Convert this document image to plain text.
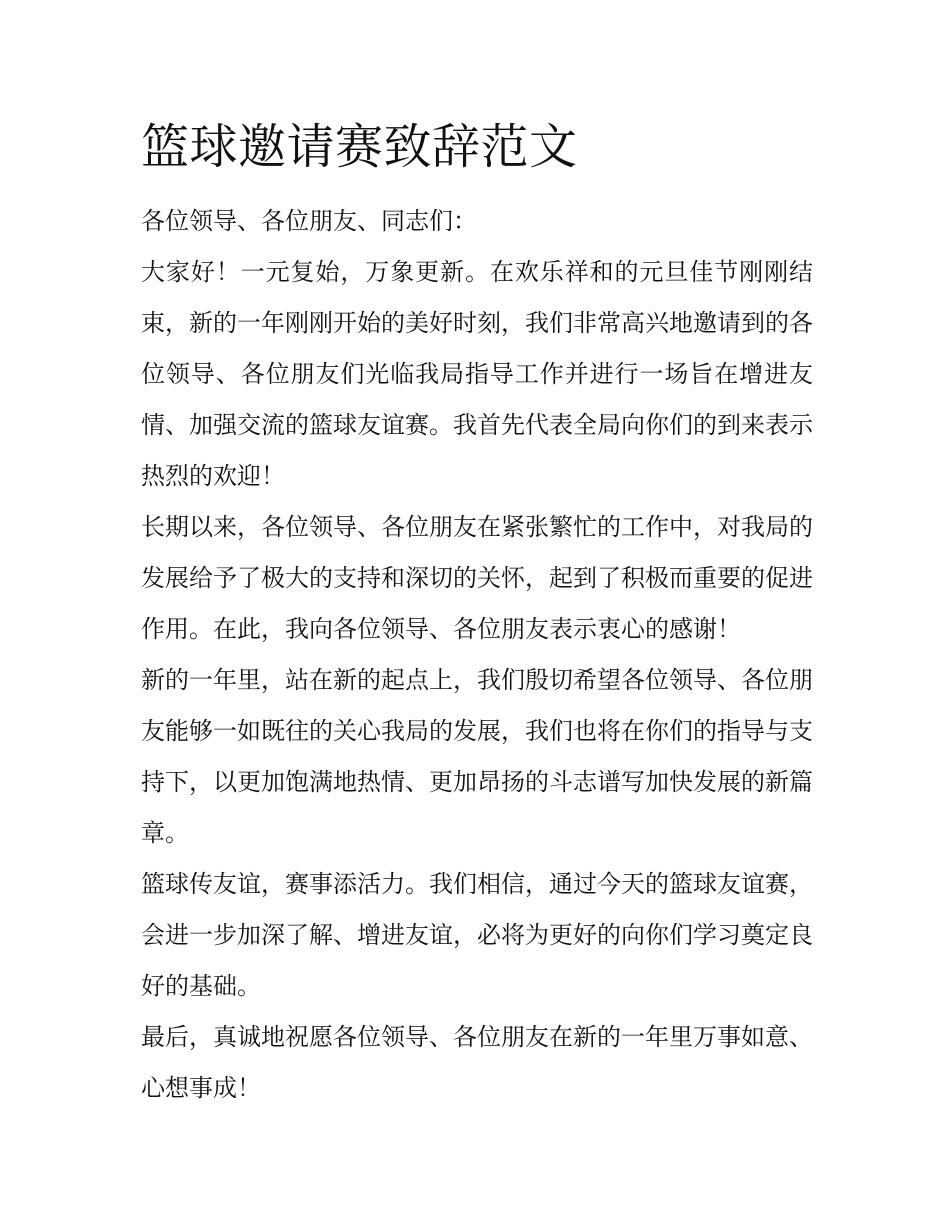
篮球邀请赛致辞范文

各位领导、各位朋友、同志们：

大家好！一元复始，万象更新。在欢乐祥和的元旦佳节刚刚结束，新的一年刚刚开始的美好时刻，我们非常高兴地邀请到的各位领导、各位朋友们光临我局指导工作并进行一场旨在增进友情、加强交流的篮球友谊赛。我首先代表全局向你们的到来表示热烈的欢迎！

长期以来，各位领导、各位朋友在紧张繁忙的工作中，对我局的发展给予了极大的支持和深切的关怀，起到了积极而重要的促进作用。在此，我向各位领导、各位朋友表示衷心的感谢！

新的一年里，站在新的起点上，我们殷切希望各位领导、各位朋友能够一如既往的关心我局的发展，我们也将在你们的指导与支持下，以更加饱满地热情、更加昂扬的斗志谱写加快发展的新篇章。

篮球传友谊，赛事添活力。我们相信，通过今天的篮球友谊赛，会进一步加深了解、增进友谊，必将为更好的向你们学习奠定良好的基础。

最后，真诚地祝愿各位领导、各位朋友在新的一年里万事如意、心想事成！
